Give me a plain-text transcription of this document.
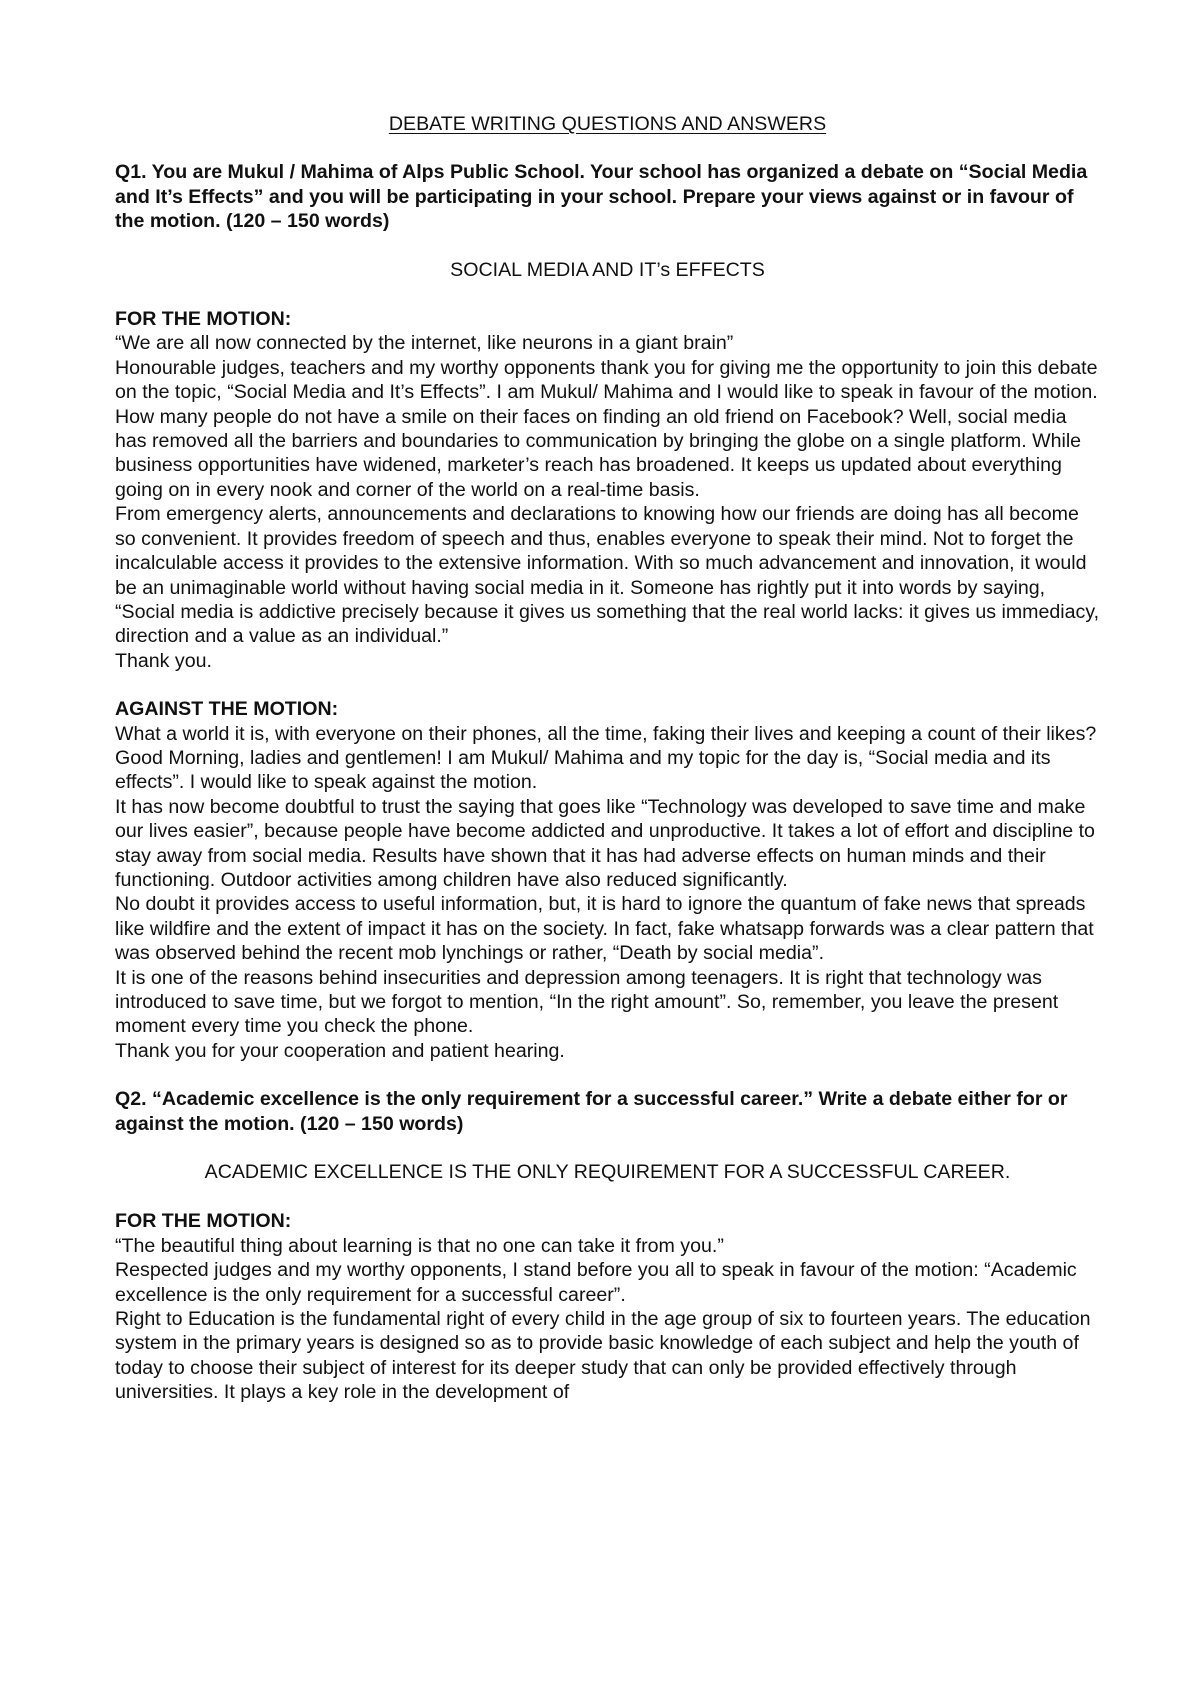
DEBATE WRITING QUESTIONS AND ANSWERS

Q1. You are Mukul / Mahima of Alps Public School. Your school has organized a debate on “Social Media and It’s Effects” and you will be participating in your school. Prepare your views against or in favour of the motion. (120 – 150 words)

SOCIAL MEDIA AND IT’s EFFECTS

FOR THE MOTION:

“We are all now connected by the internet, like neurons in a giant brain”

Honourable judges, teachers and my worthy opponents thank you for giving me the opportunity to join this debate on the topic, “Social Media and It’s Effects”. I am Mukul/ Mahima and I would like to speak in favour of the motion.

How many people do not have a smile on their faces on finding an old friend on Facebook? Well, social media has removed all the barriers and boundaries to communication by bringing the globe on a single platform. While business opportunities have widened, marketer’s reach has broadened. It keeps us updated about everything going on in every nook and corner of the world on a real-time basis.

From emergency alerts, announcements and declarations to knowing how our friends are doing has all become so convenient. It provides freedom of speech and thus, enables everyone to speak their mind. Not to forget the incalculable access it provides to the extensive information. With so much advancement and innovation, it would be an unimaginable world without having social media in it. Someone has rightly put it into words by saying,

“Social media is addictive precisely because it gives us something that the real world lacks: it gives us immediacy, direction and a value as an individual.”

Thank you.

AGAINST THE MOTION:

What a world it is, with everyone on their phones, all the time, faking their lives and keeping a count of their likes?

Good Morning, ladies and gentlemen! I am Mukul/ Mahima and my topic for the day is, “Social media and its effects”. I would like to speak against the motion.

It has now become doubtful to trust the saying that goes like “Technology was developed to save time and make our lives easier”, because people have become addicted and unproductive. It takes a lot of effort and discipline to stay away from social media. Results have shown that it has had adverse effects on human minds and their functioning. Outdoor activities among children have also reduced significantly.

No doubt it provides access to useful information, but, it is hard to ignore the quantum of fake news that spreads like wildfire and the extent of impact it has on the society. In fact, fake whatsapp forwards was a clear pattern that was observed behind the recent mob lynchings or rather, “Death by social media”.

It is one of the reasons behind insecurities and depression among teenagers. It is right that technology was introduced to save time, but we forgot to mention, “In the right amount”. So, remember, you leave the present moment every time you check the phone.

Thank you for your cooperation and patient hearing.

Q2. “Academic excellence is the only requirement for a successful career.” Write a debate either for or against the motion. (120 – 150 words)

ACADEMIC EXCELLENCE IS THE ONLY REQUIREMENT FOR A SUCCESSFUL CAREER.

FOR THE MOTION:

“The beautiful thing about learning is that no one can take it from you.”

Respected judges and my worthy opponents, I stand before you all to speak in favour of the motion: “Academic excellence is the only requirement for a successful career”.

Right to Education is the fundamental right of every child in the age group of six to fourteen years. The education system in the primary years is designed so as to provide basic knowledge of each subject and help the youth of today to choose their subject of interest for its deeper study that can only be provided effectively through universities. It plays a key role in the development of
